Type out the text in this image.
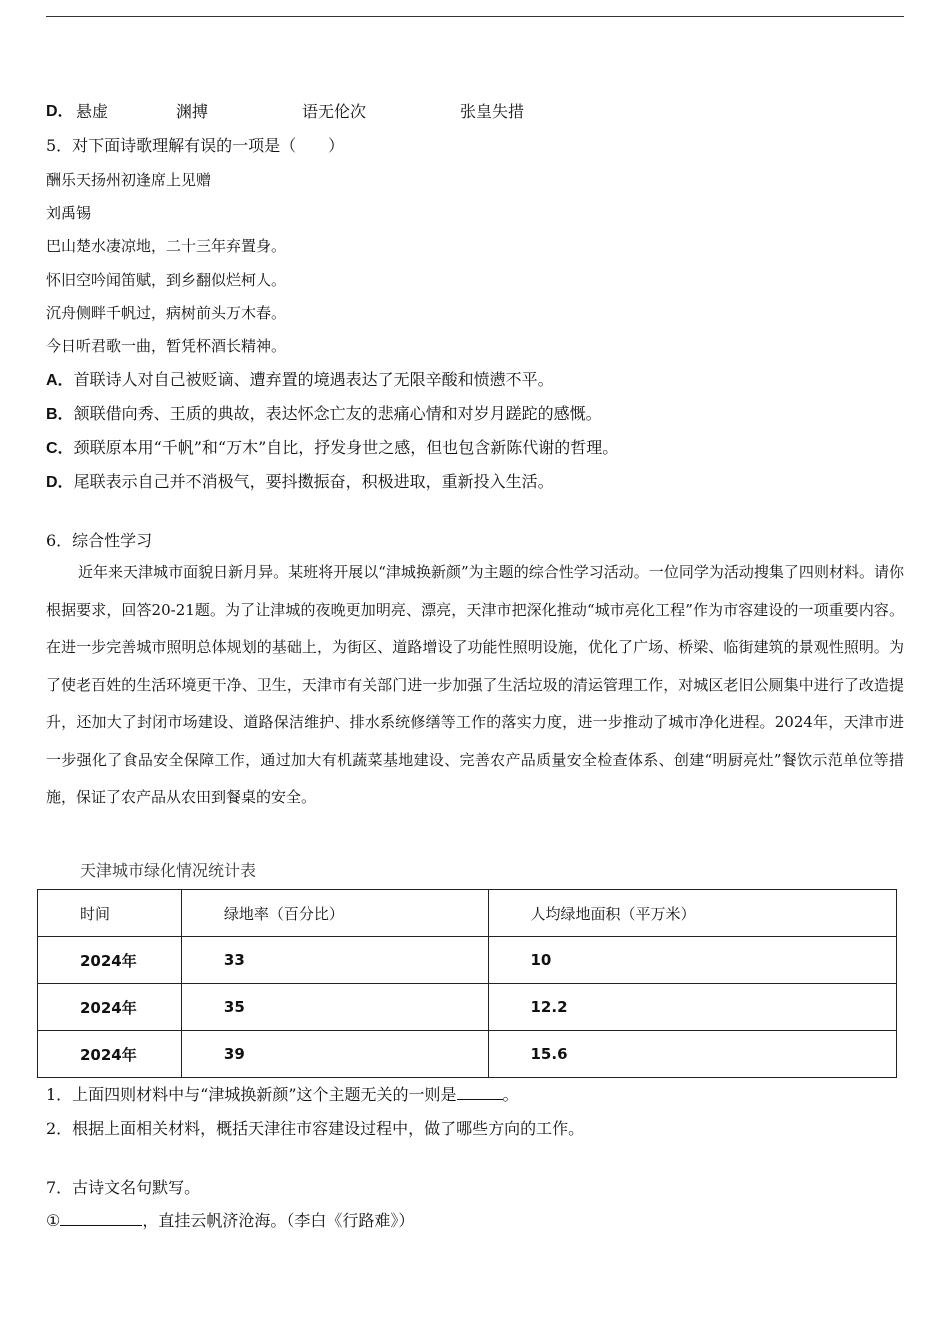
D． 悬虚	渊搏	语无伦次	张皇失措
5．对下面诗歌理解有误的一项是（　　）
酬乐天扬州初逢席上见赠
刘禹锡
巴山楚水凄凉地，二十三年弃置身。
怀旧空吟闻笛赋，到乡翻似烂柯人。
沉舟侧畔千帆过，病树前头万木春。
今日听君歌一曲，暂凭杯酒长精神。
A．首联诗人对自己被贬谪、遭弃置的境遇表达了无限辛酸和愤懑不平。
B．颔联借向秀、王质的典故，表达怀念亡友的悲痛心情和对岁月蹉跎的感慨。
C．颈联原本用“千帆”和“万木”自比，抒发身世之感，但也包含新陈代谢的哲理。
D．尾联表示自己并不消极气，要抖擞振奋，积极进取，重新投入生活。
6．综合性学习

近年来天津城市面貌日新月异。某班将开展以“津城换新颜”为主题的综合性学习活动。一位同学为活动搜集了四则材料。请你根据要求，回答20-21题。为了让津城的夜晚更加明亮、漂亮，天津市把深化推动“城市亮化工程”作为市容建设的一项重要内容。在进一步完善城市照明总体规划的基础上，为街区、道路增设了功能性照明设施，优化了广场、桥梁、临街建筑的景观性照明。为了使老百姓的生活环境更干净、卫生，天津市有关部门进一步加强了生活垃圾的清运管理工作，对城区老旧公厕集中进行了改造提升，还加大了封闭市场建设、道路保洁维护、排水系统修缮等工作的落实力度，进一步推动了城市净化进程。2024年，天津市进一步强化了食品安全保障工作，通过加大有机蔬菜基地建设、完善农产品质量安全检查体系、创建“明厨亮灶”餐饮示范单位等措施，保证了农产品从农田到餐桌的安全。

天津城市绿化情况统计表
时间	绿地率（百分比）	人均绿地面积（平万米）
2024年	33	10
2024年	35	12.2
2024年	39	15.6
1．上面四则材料中与“津城换新颜”这个主题无关的一则是	。
2．根据上面相关材料，概括天津往市容建设过程中，做了哪些方向的工作。
7．古诗文名句默写。
①	，直挂云帆济沧海。（李白《行路难》）
